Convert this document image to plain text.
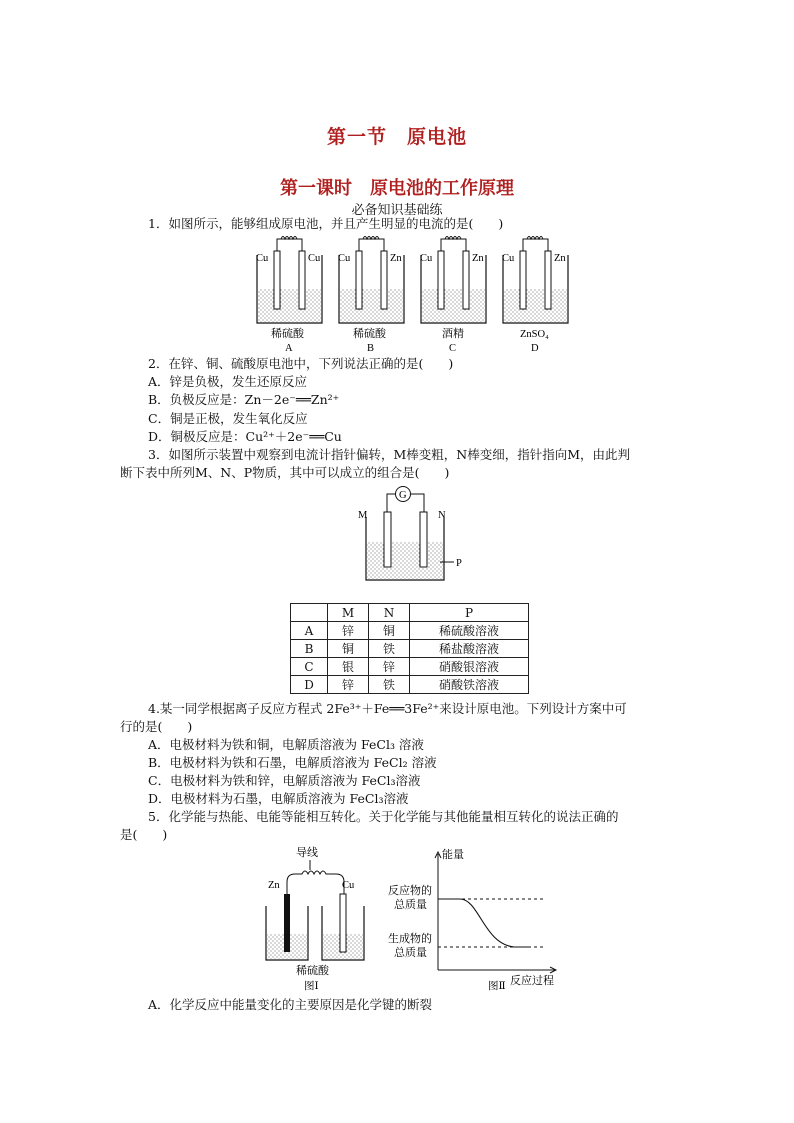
第一节　原电池
第一课时　原电池的工作原理
必备知识基础练
1．如图所示，能够组成原电池，并且产生明显的电流的是(　　)
Cu	Cu
稀硫酸
A
Cu	Zn
稀硫酸
B
Cu	Zn
酒精
C
Cu	Zn
ZnSO₄
D
2．在锌、铜、硫酸原电池中，下列说法正确的是(　　)
A．锌是负极，发生还原反应
B．负极反应是：Zn－2e⁻══Zn²⁺
C．铜是正极，发生氧化反应
D．铜极反应是：Cu²⁺＋2e⁻══Cu
3．如图所示装置中观察到电流计指针偏转，M棒变粗，N棒变细，指针指向M，由此判
断下表中所列M、N、P物质，其中可以成立的组合是(　　)
G
M	N
P
	M	N	P
A	锌	铜	稀硫酸溶液
B	铜	铁	稀盐酸溶液
C	银	锌	硝酸银溶液
D	锌	铁	硝酸铁溶液
4.某一同学根据离子反应方程式 2Fe³⁺＋Fe══3Fe²⁺来设计原电池。下列设计方案中可
行的是(　　)
A．电极材料为铁和铜，电解质溶液为 FeCl₃ 溶液
B．电极材料为铁和石墨，电解质溶液为 FeCl₂ 溶液
C．电极材料为铁和锌，电解质溶液为 FeCl₃溶液
D．电极材料为石墨，电解质溶液为 FeCl₃溶液
5．化学能与热能、电能等能相互转化。关于化学能与其他能量相互转化的说法正确的
是(　　)
导线
Zn	Cu
稀硫酸
图Ⅰ
能量
反应物的
总质量
生成物的
总质量
反应过程
图Ⅱ
A．化学反应中能量变化的主要原因是化学键的断裂
